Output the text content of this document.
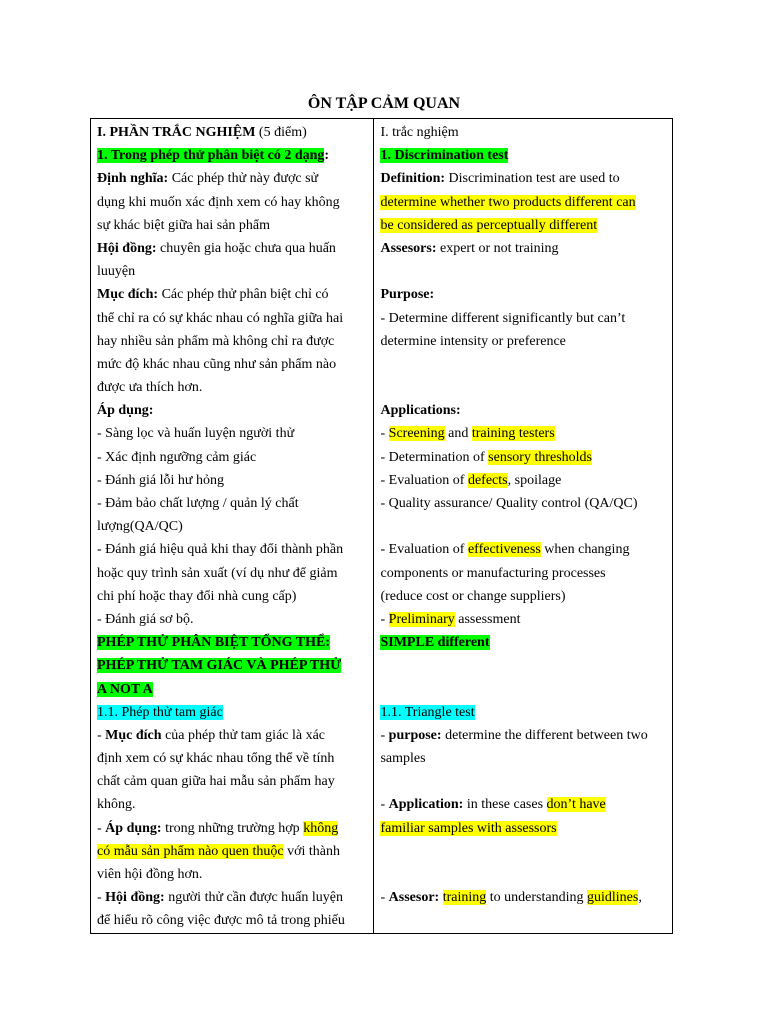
ÔN TẬP CẢM QUAN
I. PHẦN TRẮC NGHIỆM (5 điểm)
1. Trong phép thử phân biệt có 2 dạng:
Định nghĩa: Các phép thử này được sử
dụng khi muốn xác định xem có hay không
sự khác biệt giữa hai sản phẩm
Hội đồng: chuyên gia hoặc chưa qua huấn
luuyện
Mục đích: Các phép thử phân biệt chỉ có
thể chỉ ra có sự khác nhau có nghĩa giữa hai
hay nhiều sản phẩm mà không chỉ ra được
mức độ khác nhau cũng như sản phẩm nào
được ưa thích hơn.
Áp dụng:
- Sàng lọc và huấn luyện người thử
- Xác định ngưỡng cảm giác
- Đánh giá lỗi hư hỏng
- Đảm bảo chất lượng / quản lý chất
lượng(QA/QC)
- Đánh giá hiệu quả khi thay đổi thành phần
hoặc quy trình sản xuất (ví dụ như để giảm
chi phí hoặc thay đổi nhà cung cấp)
- Đánh giá sơ bộ.
PHÉP THỬ PHÂN BIỆT TỔNG THỂ:
PHÉP THỬ TAM GIÁC VÀ PHÉP THỬ
A NOT A
1.1. Phép thử tam giác
- Mục đích của phép thử tam giác là xác
định xem có sự khác nhau tổng thể về tính
chất cảm quan giữa hai mẫu sản phẩm hay
không.
- Áp dụng: trong những trường hợp không
có mẫu sản phẩm nào quen thuộc với thành
viên hội đồng hơn.
- Hội đồng: người thử cần được huấn luyện
để hiểu rõ công việc được mô tả trong phiếu

I. trắc nghiệm
1. Discrimination test
Definition: Discrimination test are used to
determine whether two products different can
be considered as perceptually different
Assesors: expert or not training
Purpose:
- Determine different significantly but can’t
determine intensity or preference
Applications:
- Screening and training testers
- Determination of sensory thresholds
- Evaluation of defects, spoilage
- Quality assurance/ Quality control (QA/QC)
- Evaluation of effectiveness when changing
components or manufacturing processes
(reduce cost or change suppliers)
- Preliminary assessment
SIMPLE different
1.1. Triangle test
- purpose: determine the different between two
samples
- Application: in these cases don’t have
familiar samples with assessors
- Assesor: training to understanding guidlines,
